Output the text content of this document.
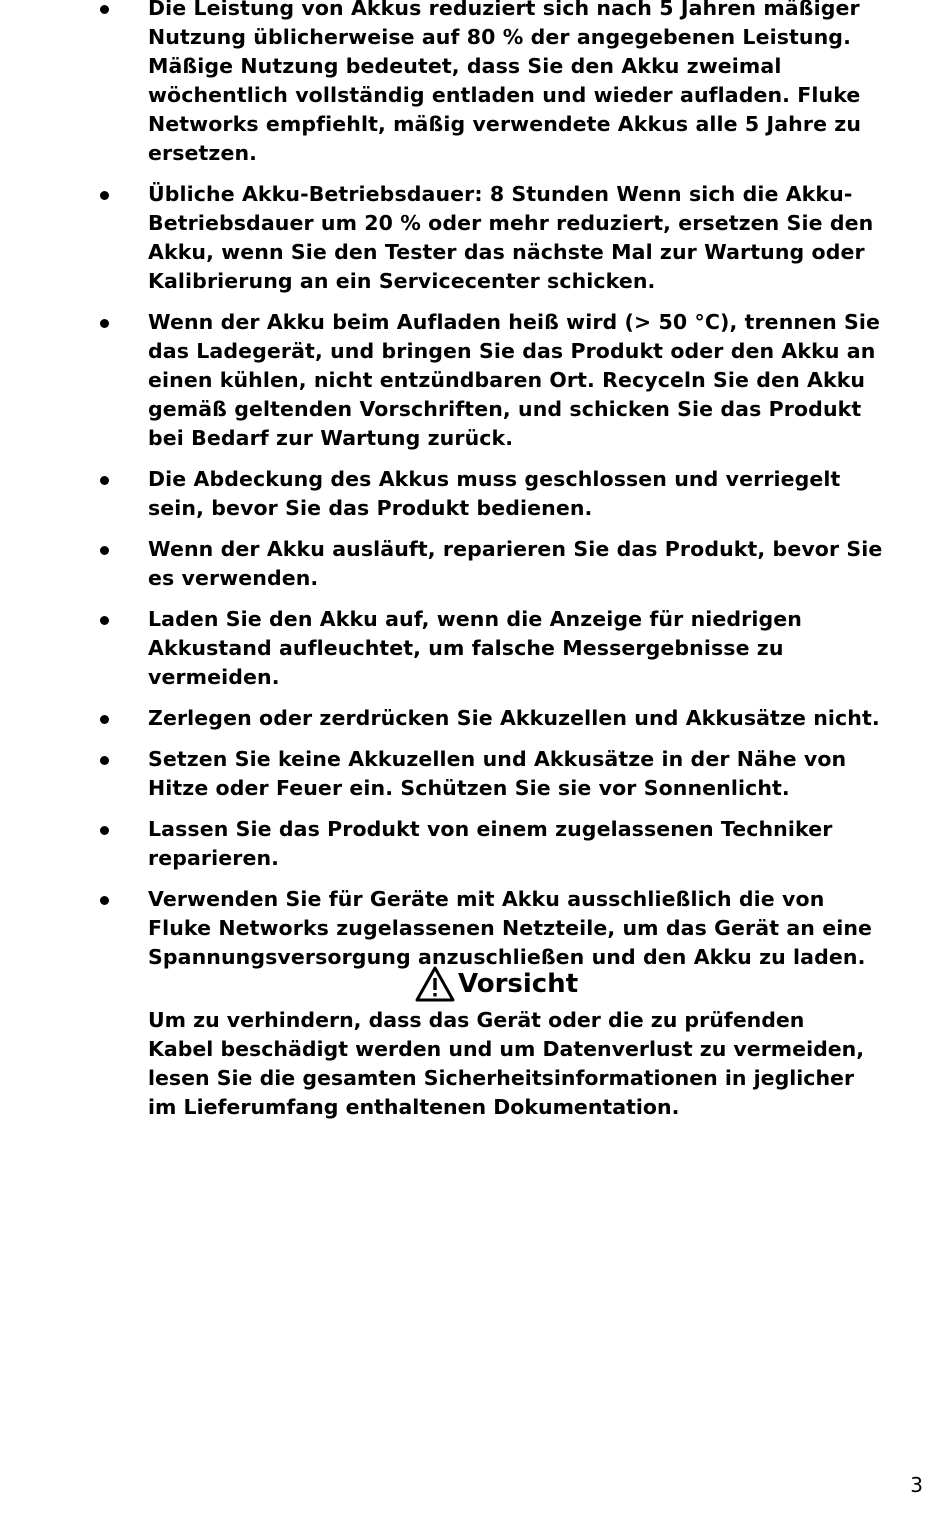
Die Leistung von Akkus reduziert sich nach 5 Jahren mäßiger Nutzung üblicherweise auf 80 % der angegebenen Leistung. Mäßige Nutzung bedeutet, dass Sie den Akku zweimal wöchentlich vollständig entladen und wieder aufladen. Fluke Networks empfiehlt, mäßig verwendete Akkus alle 5 Jahre zu ersetzen.
Übliche Akku-Betriebsdauer: 8 Stunden Wenn sich die Akku-Betriebsdauer um 20 % oder mehr reduziert, ersetzen Sie den Akku, wenn Sie den Tester das nächste Mal zur Wartung oder Kalibrierung an ein Servicecenter schicken.
Wenn der Akku beim Aufladen heiß wird (> 50 °C), trennen Sie das Ladegerät, und bringen Sie das Produkt oder den Akku an einen kühlen, nicht entzündbaren Ort. Recyceln Sie den Akku gemäß geltenden Vorschriften, und schicken Sie das Produkt bei Bedarf zur Wartung zurück.
Die Abdeckung des Akkus muss geschlossen und verriegelt sein, bevor Sie das Produkt bedienen.
Wenn der Akku ausläuft, reparieren Sie das Produkt, bevor Sie es verwenden.
Laden Sie den Akku auf, wenn die Anzeige für niedrigen Akkustand aufleuchtet, um falsche Messergebnisse zu vermeiden.
Zerlegen oder zerdrücken Sie Akkuzellen und Akkusätze nicht.
Setzen Sie keine Akkuzellen und Akkusätze in der Nähe von Hitze oder Feuer ein. Schützen Sie sie vor Sonnenlicht.
Lassen Sie das Produkt von einem zugelassenen Techniker reparieren.
Verwenden Sie für Geräte mit Akku ausschließlich die von Fluke Networks zugelassenen Netzteile, um das Gerät an eine Spannungsversorgung anzuschließen und den Akku zu laden.
Vorsicht
Um zu verhindern, dass das Gerät oder die zu prüfenden
Kabel beschädigt werden und um Datenverlust zu vermeiden,
lesen Sie die gesamten Sicherheitsinformationen in jeglicher
im Lieferumfang enthaltenen Dokumentation.
3
